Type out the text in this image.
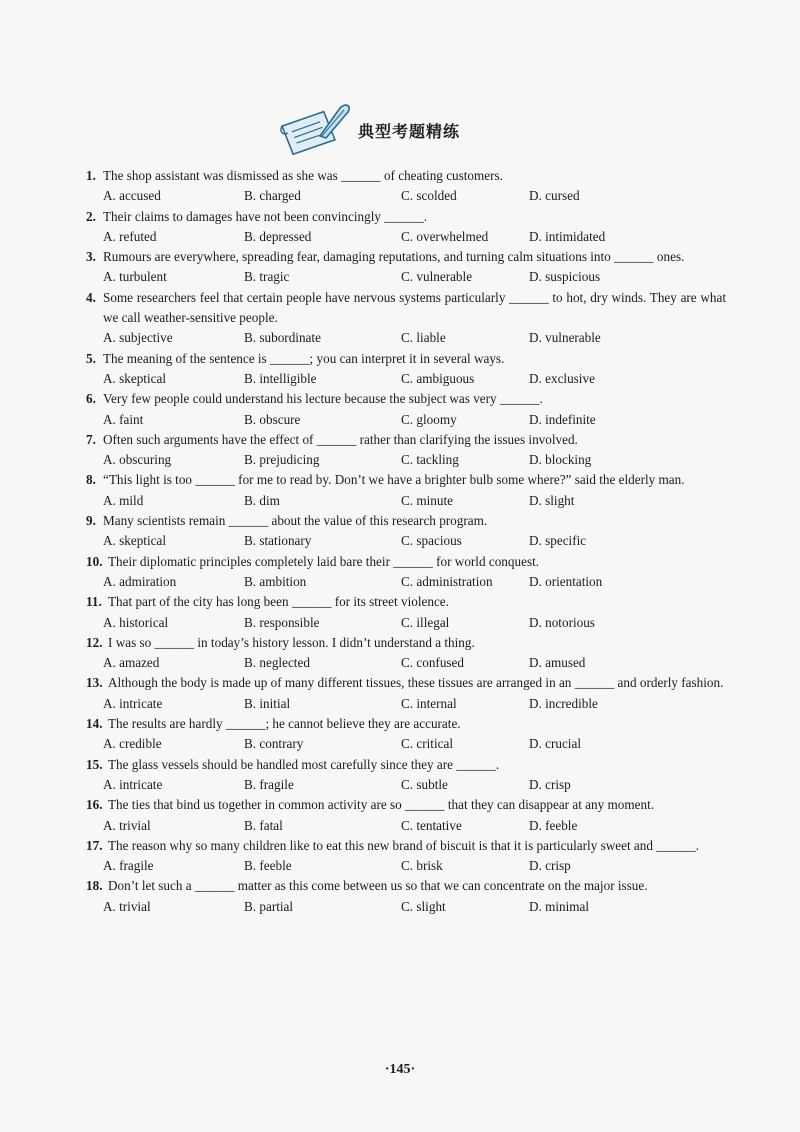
典型考题精练
1. The shop assistant was dismissed as she was ______ of cheating customers.
A. accused	B. charged	C. scolded	D. cursed
2. Their claims to damages have not been convincingly ______.
A. refuted	B. depressed	C. overwhelmed	D. intimidated
3. Rumours are everywhere, spreading fear, damaging reputations, and turning calm situations into ______ ones.
A. turbulent	B. tragic	C. vulnerable	D. suspicious
4. Some researchers feel that certain people have nervous systems particularly ______ to hot, dry winds. They are what we call weather-sensitive people.
A. subjective	B. subordinate	C. liable	D. vulnerable
5. The meaning of the sentence is ______; you can interpret it in several ways.
A. skeptical	B. intelligible	C. ambiguous	D. exclusive
6. Very few people could understand his lecture because the subject was very ______.
A. faint	B. obscure	C. gloomy	D. indefinite
7. Often such arguments have the effect of ______ rather than clarifying the issues involved.
A. obscuring	B. prejudicing	C. tackling	D. blocking
8. “This light is too ______ for me to read by. Don’t we have a brighter bulb some where?” said the elderly man.
A. mild	B. dim	C. minute	D. slight
9. Many scientists remain ______ about the value of this research program.
A. skeptical	B. stationary	C. spacious	D. specific
10. Their diplomatic principles completely laid bare their ______ for world conquest.
A. admiration	B. ambition	C. administration	D. orientation
11. That part of the city has long been ______ for its street violence.
A. historical	B. responsible	C. illegal	D. notorious
12. I was so ______ in today’s history lesson. I didn’t understand a thing.
A. amazed	B. neglected	C. confused	D. amused
13. Although the body is made up of many different tissues, these tissues are arranged in an ______ and orderly fashion.
A. intricate	B. initial	C. internal	D. incredible
14. The results are hardly ______; he cannot believe they are accurate.
A. credible	B. contrary	C. critical	D. crucial
15. The glass vessels should be handled most carefully since they are ______.
A. intricate	B. fragile	C. subtle	D. crisp
16. The ties that bind us together in common activity are so ______ that they can disappear at any moment.
A. trivial	B. fatal	C. tentative	D. feeble
17. The reason why so many children like to eat this new brand of biscuit is that it is particularly sweet and ______.
A. fragile	B. feeble	C. brisk	D. crisp
18. Don’t let such a ______ matter as this come between us so that we can concentrate on the major issue.
A. trivial	B. partial	C. slight	D. minimal
·145·
